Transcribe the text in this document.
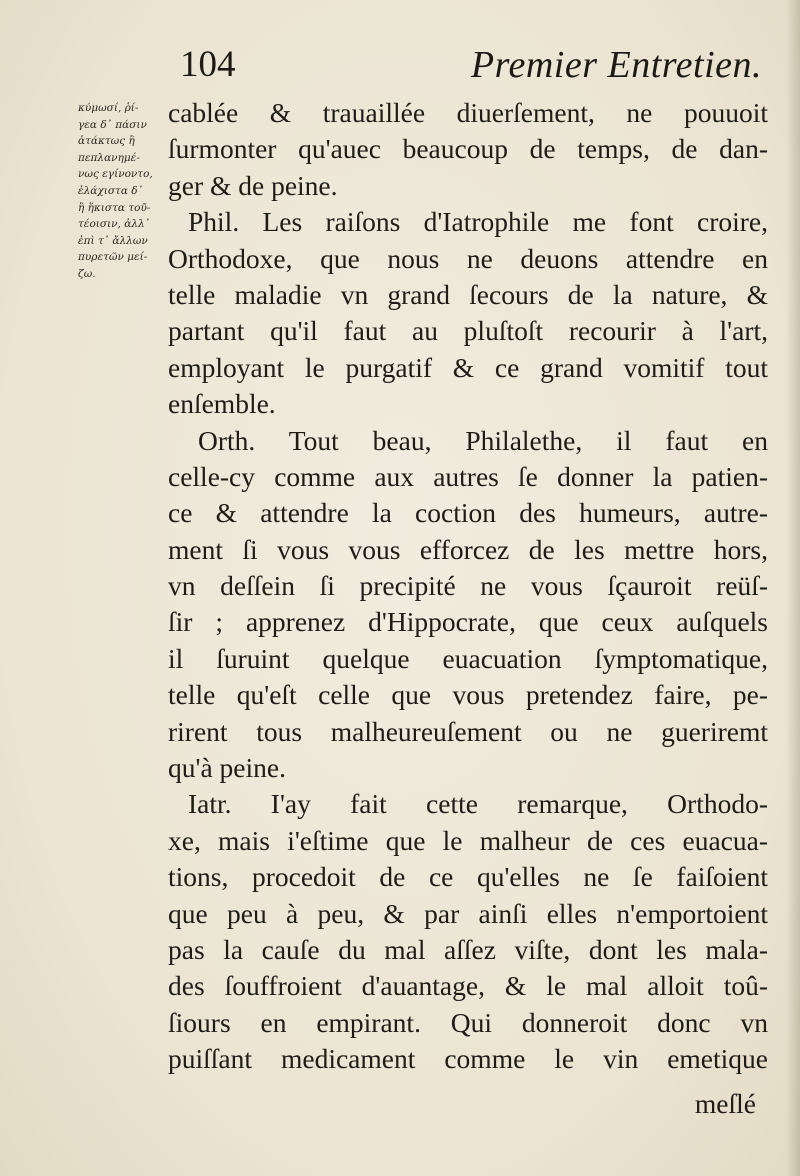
104	Premier Entretien.
κύμωσί, ῥί-
γεα δ᾽ πάσιν
ἀτάκτως ἢ
πεπλανημέ-
νως εγίνοντο,
ἐλάχιστα δ᾽
ἢ ἥκιστα τοῦ-
τέοισιν, ἀλλ᾽
ἐπὶ τ᾽ ἄλλων
πυρετῶν μεί-
ζω.
cablée & trauaillée diuerſement, ne pouuoit
ſurmonter qu'auec beaucoup de temps, de dan-
ger & de peine.
Phil. Les raiſons d'Iatrophile me font croire,
Orthodoxe, que nous ne deuons attendre en
telle maladie vn grand ſecours de la nature, &
partant qu'il faut au pluſtoſt recourir à l'art,
employant le purgatif & ce grand vomitif tout
enſemble.
Orth. Tout beau, Philalethe, il faut en
celle-cy comme aux autres ſe donner la patien-
ce & attendre la coction des humeurs, autre-
ment ſi vous vous efforcez de les mettre hors,
vn deſſein ſi precipité ne vous ſçauroit reüſ-
ſir ; apprenez d'Hippocrate, que ceux auſquels
il ſuruint quelque euacuation ſymptomatique,
telle qu'eſt celle que vous pretendez faire, pe-
rirent tous malheureuſement ou ne gueriremt
qu'à peine.
Iatr. I'ay fait cette remarque, Orthodo-
xe, mais i'eſtime que le malheur de ces euacua-
tions, procedoit de ce qu'elles ne ſe faiſoient
que peu à peu, & par ainſi elles n'emportoient
pas la cauſe du mal aſſez viſte, dont les mala-
des ſouffroient d'auantage, & le mal alloit toû-
ſiours en empirant. Qui donneroit donc vn
puiſſant medicament comme le vin emetique
meſlé
